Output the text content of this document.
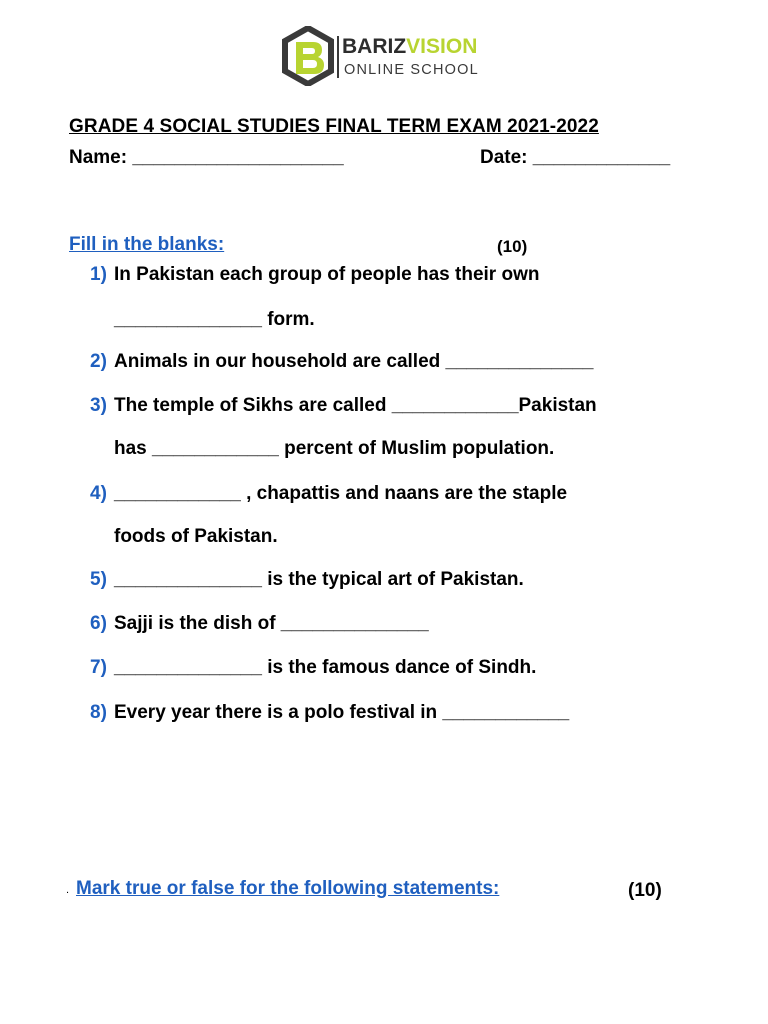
BARIZVISION
ONLINE SCHOOL
GRADE 4 SOCIAL STUDIES FINAL TERM EXAM 2021-2022
Name: ____________________	Date: _____________
Fill in the blanks:	(10)
1) In Pakistan each group of people has their own
______________ form.
2) Animals in our household are called ______________
3) The temple of Sikhs are called ____________Pakistan
has ____________ percent of Muslim population.
4) ____________ , chapattis and naans are the staple
foods of Pakistan.
5) ______________ is the typical art of Pakistan.
6) Sajji is the dish of ______________
7) ______________ is the famous dance of Sindh.
8) Every year there is a polo festival in ____________
. Mark true or false for the following statements:	(10)
